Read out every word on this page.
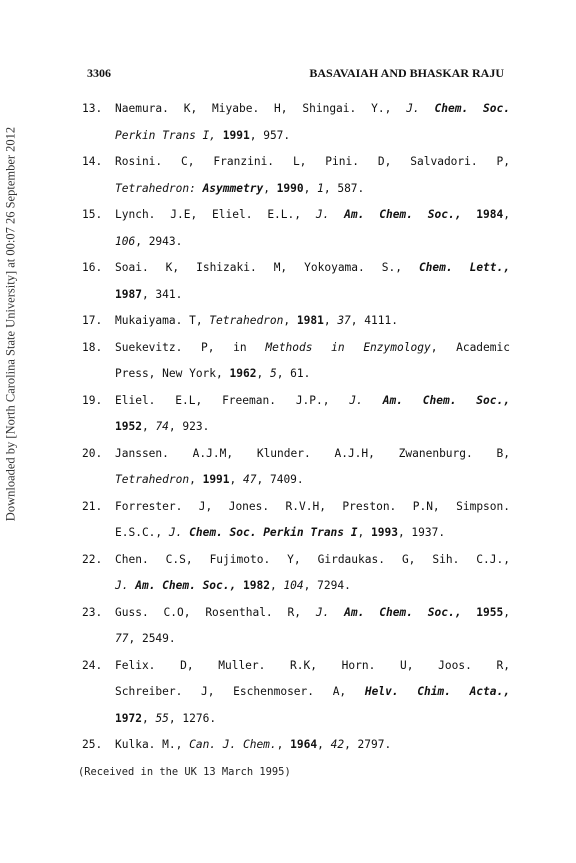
3306	BASAVAIAH AND BHASKAR RAJU
Downloaded by [North Carolina State University] at 00:07 26 September 2012
13.	Naemura. K, Miyabe. H, Shingai. Y., J. Chem. Soc.
Perkin Trans I, 1991, 957.
14.	Rosini. C, Franzini. L, Pini. D, Salvadori. P,
Tetrahedron: Asymmetry, 1990, 1, 587.
15.	Lynch. J.E, Eliel. E.L., J. Am. Chem. Soc., 1984,
106, 2943.
16.	Soai. K, Ishizaki. M, Yokoyama. S., Chem. Lett.,
1987, 341.
17.	Mukaiyama. T, Tetrahedron, 1981, 37, 4111.
18.	Suekevitz. P, in Methods in Enzymology, Academic
Press, New York, 1962, 5, 61.
19.	Eliel. E.L, Freeman. J.P., J. Am. Chem. Soc.,
1952, 74, 923.
20.	Janssen. A.J.M, Klunder. A.J.H, Zwanenburg. B,
Tetrahedron, 1991, 47, 7409.
21.	Forrester. J, Jones. R.V.H, Preston. P.N, Simpson.
E.S.C., J. Chem. Soc. Perkin Trans I, 1993, 1937.
22.	Chen. C.S, Fujimoto. Y, Girdaukas. G, Sih. C.J.,
J. Am. Chem. Soc., 1982, 104, 7294.
23.	Guss. C.O, Rosenthal. R, J. Am. Chem. Soc., 1955,
77, 2549.
24.	Felix. D, Muller. R.K, Horn. U, Joos. R,
Schreiber. J, Eschenmoser. A, Helv. Chim. Acta.,
1972, 55, 1276.
25.	Kulka. M., Can. J. Chem., 1964, 42, 2797.
(Received in the UK 13 March 1995)
